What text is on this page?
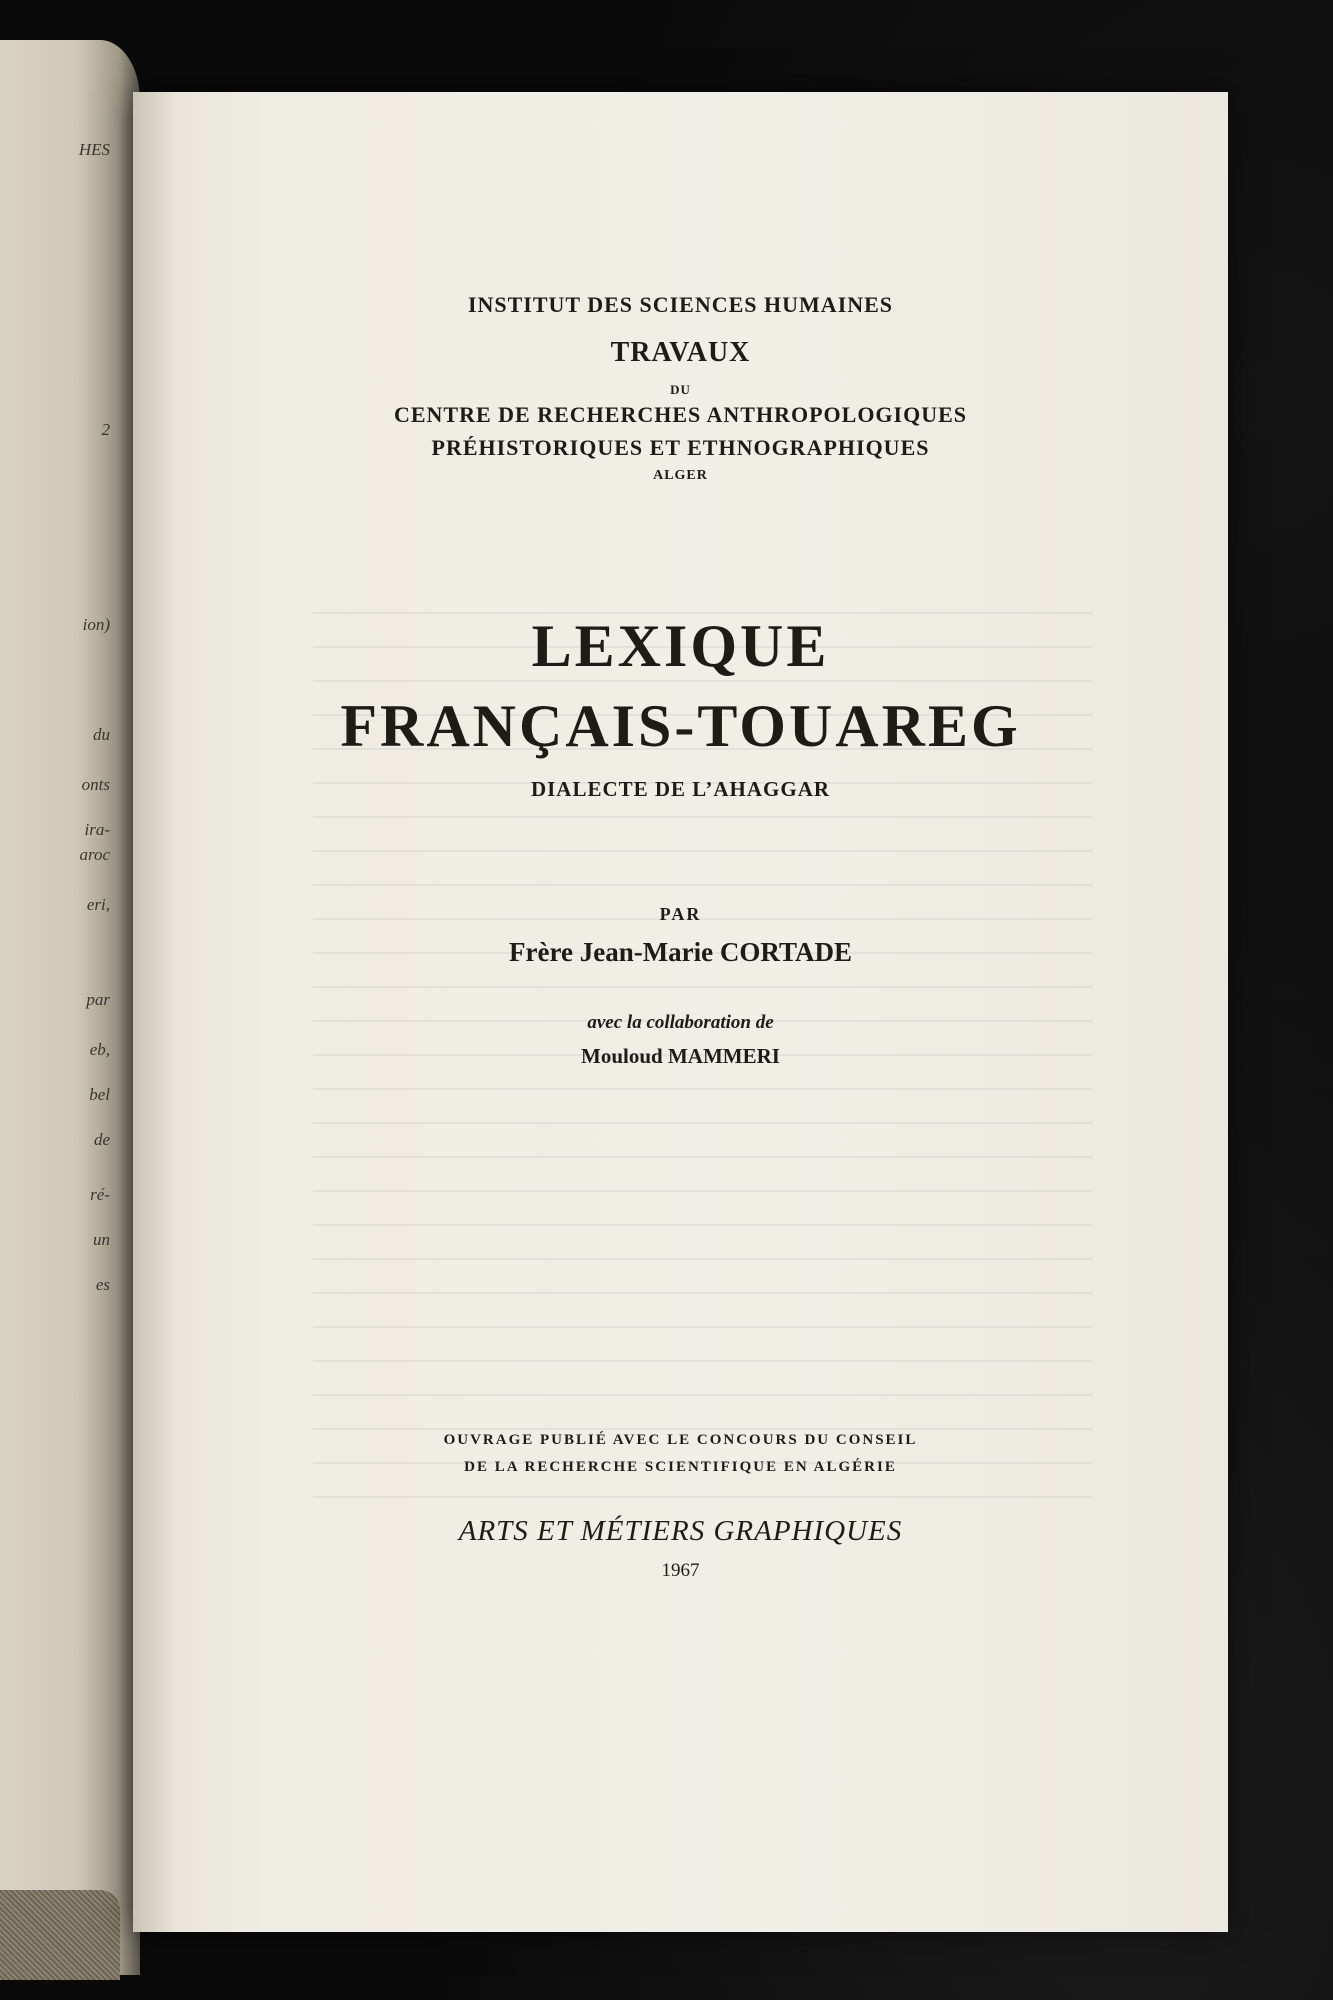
HES
2
ion)
du
onts
ira-
aroc
eri,
par
eb,
bel
de
ré-
un
es
INSTITUT DES SCIENCES HUMAINES
TRAVAUX
DU
CENTRE DE RECHERCHES ANTHROPOLOGIQUES
PRÉHISTORIQUES ET ETHNOGRAPHIQUES
ALGER
LEXIQUE
FRANÇAIS-TOUAREG
DIALECTE DE L’AHAGGAR
PAR
Frère Jean-Marie CORTADE
avec la collaboration de
Mouloud MAMMERI
OUVRAGE PUBLIÉ AVEC LE CONCOURS DU CONSEIL
DE LA RECHERCHE SCIENTIFIQUE EN ALGÉRIE
ARTS ET MÉTIERS GRAPHIQUES
1967
